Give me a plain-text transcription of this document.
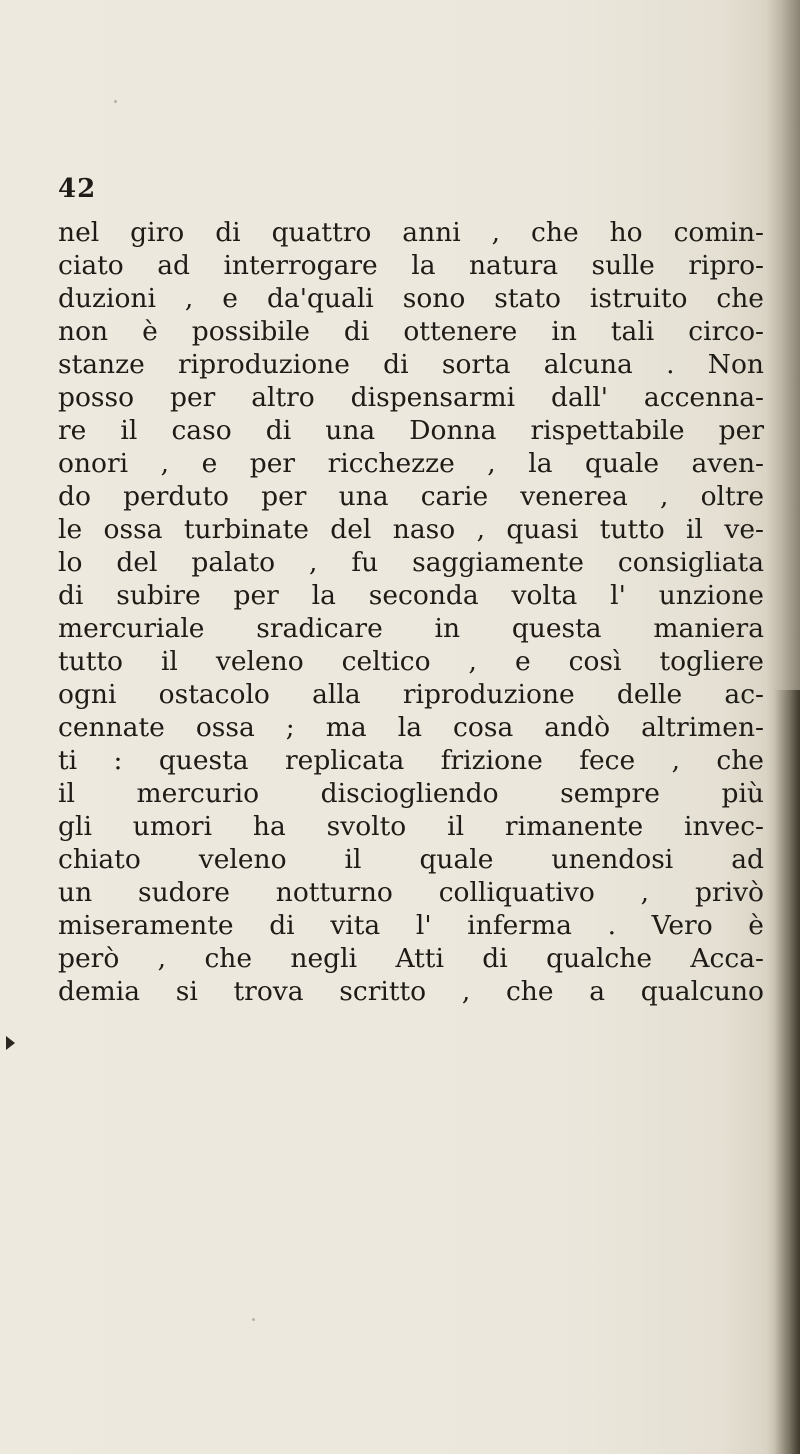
42
nel giro di quattro anni , che ho comin-
ciato ad interrogare la natura sulle ripro-
duzioni , e da'quali sono stato istruito che
non è possibile di ottenere in tali circo-
stanze riproduzione di sorta alcuna . Non
posso per altro dispensarmi dall' accenna-
re il caso di una Donna rispettabile per
onori , e per ricchezze , la quale aven-
do perduto per una carie venerea , oltre
le ossa turbinate del naso , quasi tutto il ve-
lo del palato , fu saggiamente consigliata
di subire per la seconda volta l' unzione
mercuriale sradicare in questa maniera
tutto il veleno celtico , e così togliere
ogni ostacolo alla riproduzione delle ac-
cennate ossa ; ma la cosa andò altrimen-
ti : questa replicata frizione fece , che
il mercurio disciogliendo sempre più
gli umori ha svolto il rimanente invec-
chiato veleno il quale unendosi ad
un sudore notturno colliquativo , privò
miseramente di vita l' inferma . Vero è
però , che negli Atti di qualche Acca-
demia si trova scritto , che a qualcuno
